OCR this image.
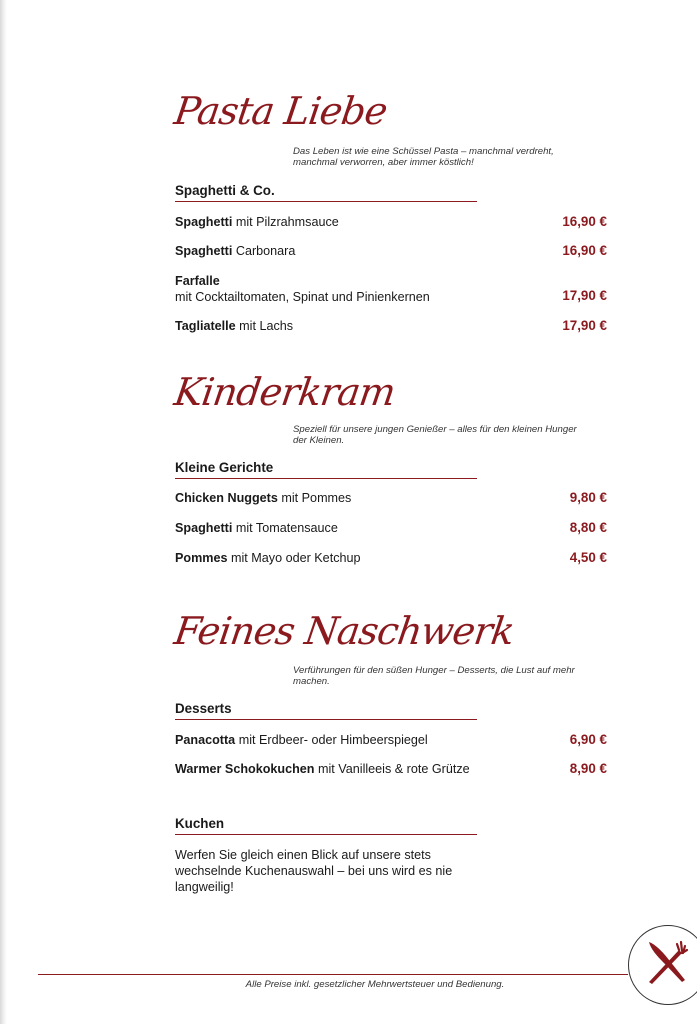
Pasta Liebe
Das Leben ist wie eine Schüssel Pasta – manchmal verdreht, manchmal verworren, aber immer köstlich!
Spaghetti & Co.
Spaghetti mit Pilzrahmsauce	16,90 €
Spaghetti Carbonara	16,90 €
Farfalle
mit Cocktailtomaten, Spinat und Pinienkernen	17,90 €
Tagliatelle mit Lachs	17,90 €
Kinderkram
Speziell für unsere jungen Genießer – alles für den kleinen Hunger der Kleinen.
Kleine Gerichte
Chicken Nuggets mit Pommes	9,80 €
Spaghetti mit Tomatensauce	8,80 €
Pommes mit Mayo oder Ketchup	4,50 €
Feines Naschwerk
Verführungen für den süßen Hunger – Desserts, die Lust auf mehr machen.
Desserts
Panacotta mit Erdbeer- oder Himbeerspiegel	6,90 €
Warmer Schokokuchen mit Vanilleeis & rote Grütze	8,90 €
Kuchen
Werfen Sie gleich einen Blick auf unsere stets wechselnde Kuchenauswahl – bei uns wird es nie langweilig!
Alle Preise inkl. gesetzlicher Mehrwertsteuer und Bedienung.
